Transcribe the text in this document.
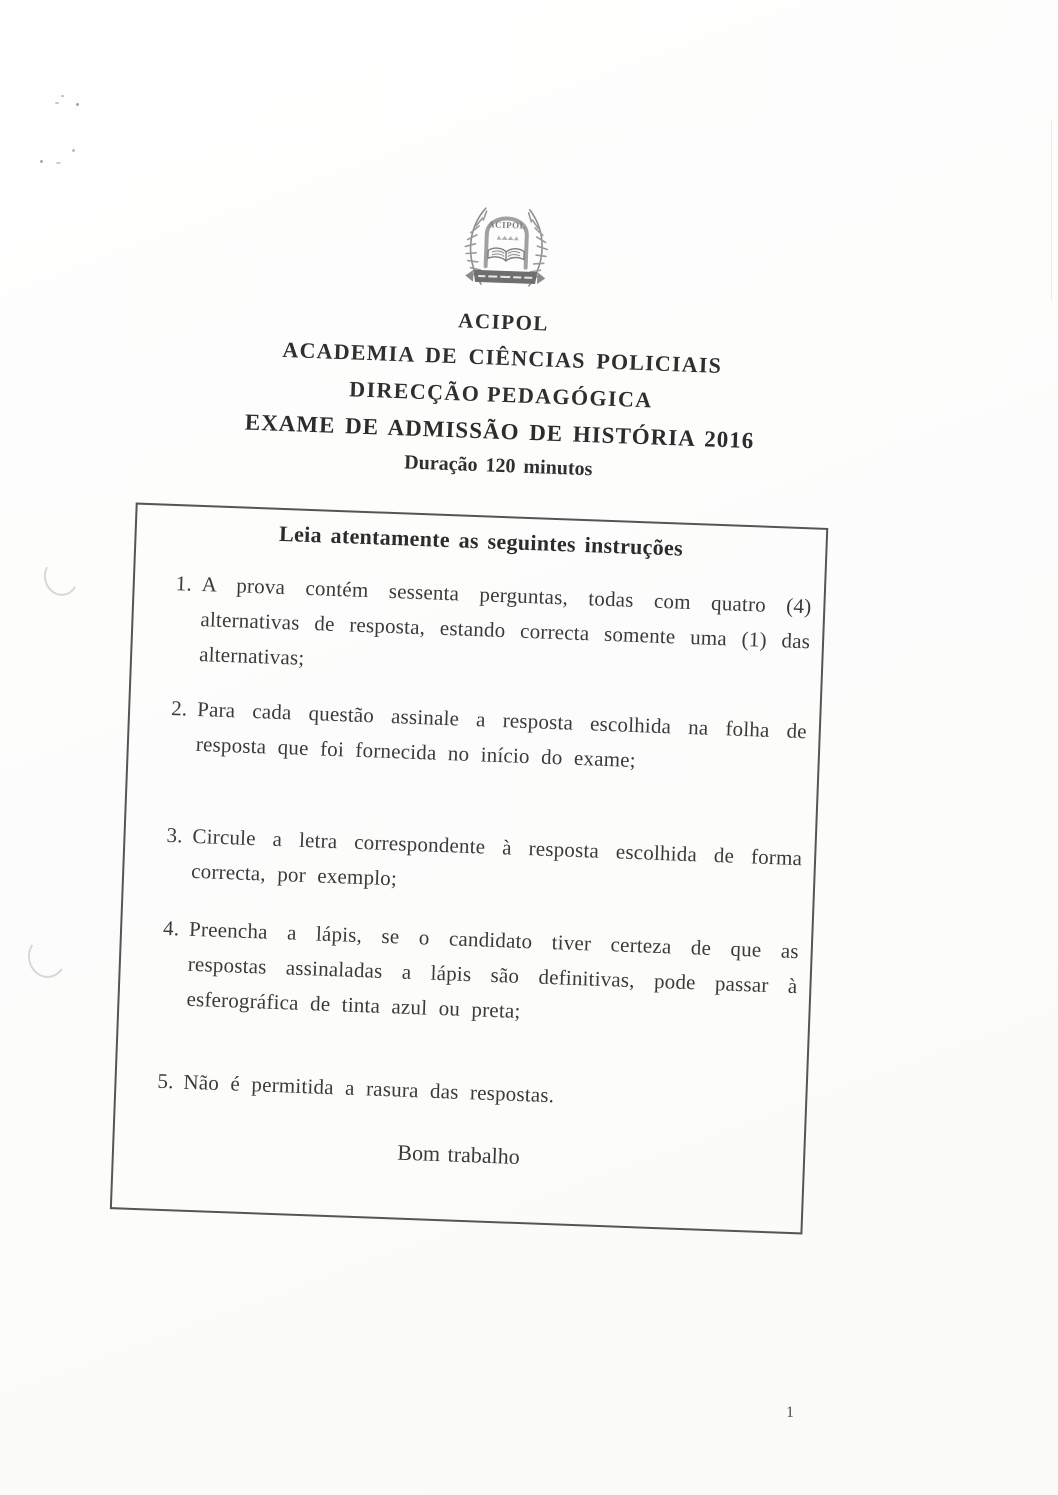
ACIPOL
ACIPOL
ACADEMIA DE CIÊNCIAS POLICIAIS
DIRECÇÃO PEDAGÓGICA
EXAME DE ADMISSÃO DE HISTÓRIA 2016
Duração 120 minutos
Leia atentamente as seguintes instruções
1. A prova contém sessenta perguntas, todas com quatro (4) alternativas de resposta, estando correcta somente uma (1) das alternativas;
2. Para cada questão assinale a resposta escolhida na folha de resposta que foi fornecida no início do exame;
3. Circule a letra correspondente à resposta escolhida de forma correcta, por exemplo;
4. Preencha a lápis, se o candidato tiver certeza de que as respostas assinaladas a lápis são definitivas, pode passar à esferográfica de tinta azul ou preta;
5. Não é permitida a rasura das respostas.
Bom trabalho
1
